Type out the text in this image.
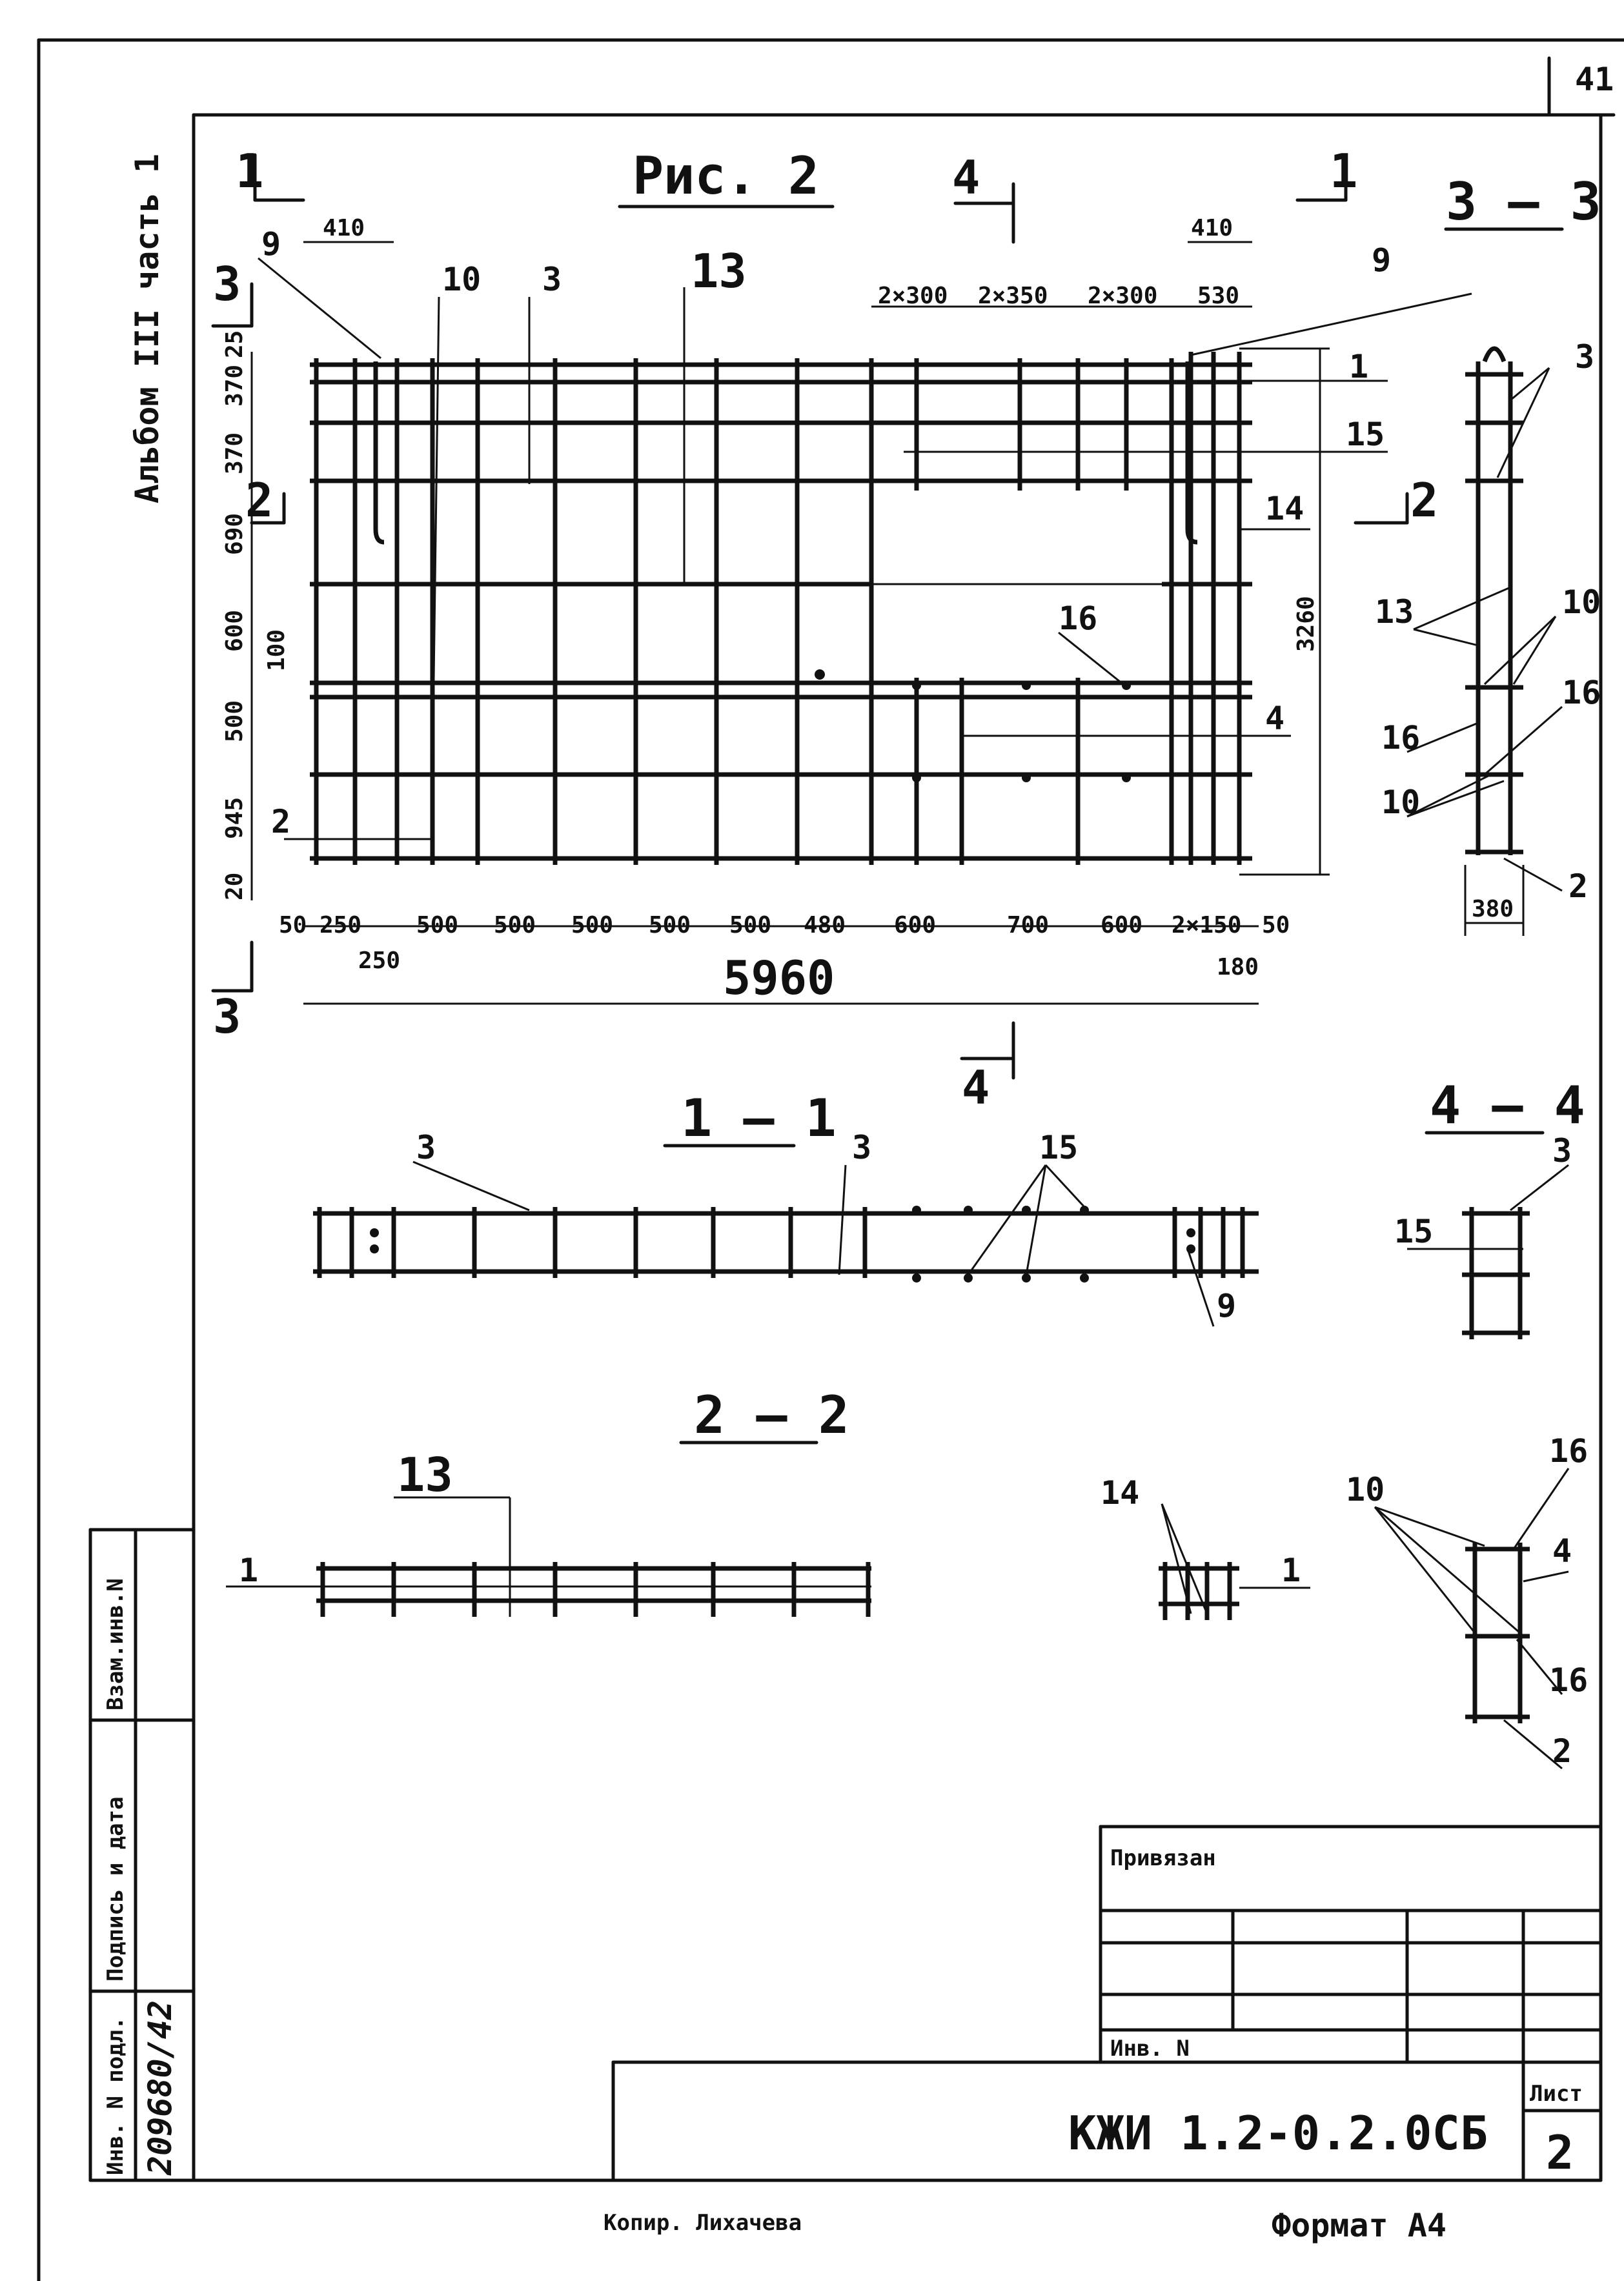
41
Альбом III часть 1	Рис. 2
410	410
530
2×300 2×350 2×300
25
370
370
690
600 100
500
945
20
3260
50 250
250
500 500 500 500 500 480 600	700 600 2×150 50
180
5960
1	1
3
3
4
4
2
2
9
10 3	13	9
1
15
14
16
4
2
3 — 3
3
13	10
16
16
10
2
380
1 — 1
3	3	15
9
4 — 4
15
3
2 — 2
1
13	14
1
10
16
4
16
2
Взам.инв.N
Подпись и дата
Инв. N подл. 209680/42
Привязан
Инв. N
КЖИ 1.2-0.2.0СБ
Лист
2
Копир. Лихачева	Формат А4
